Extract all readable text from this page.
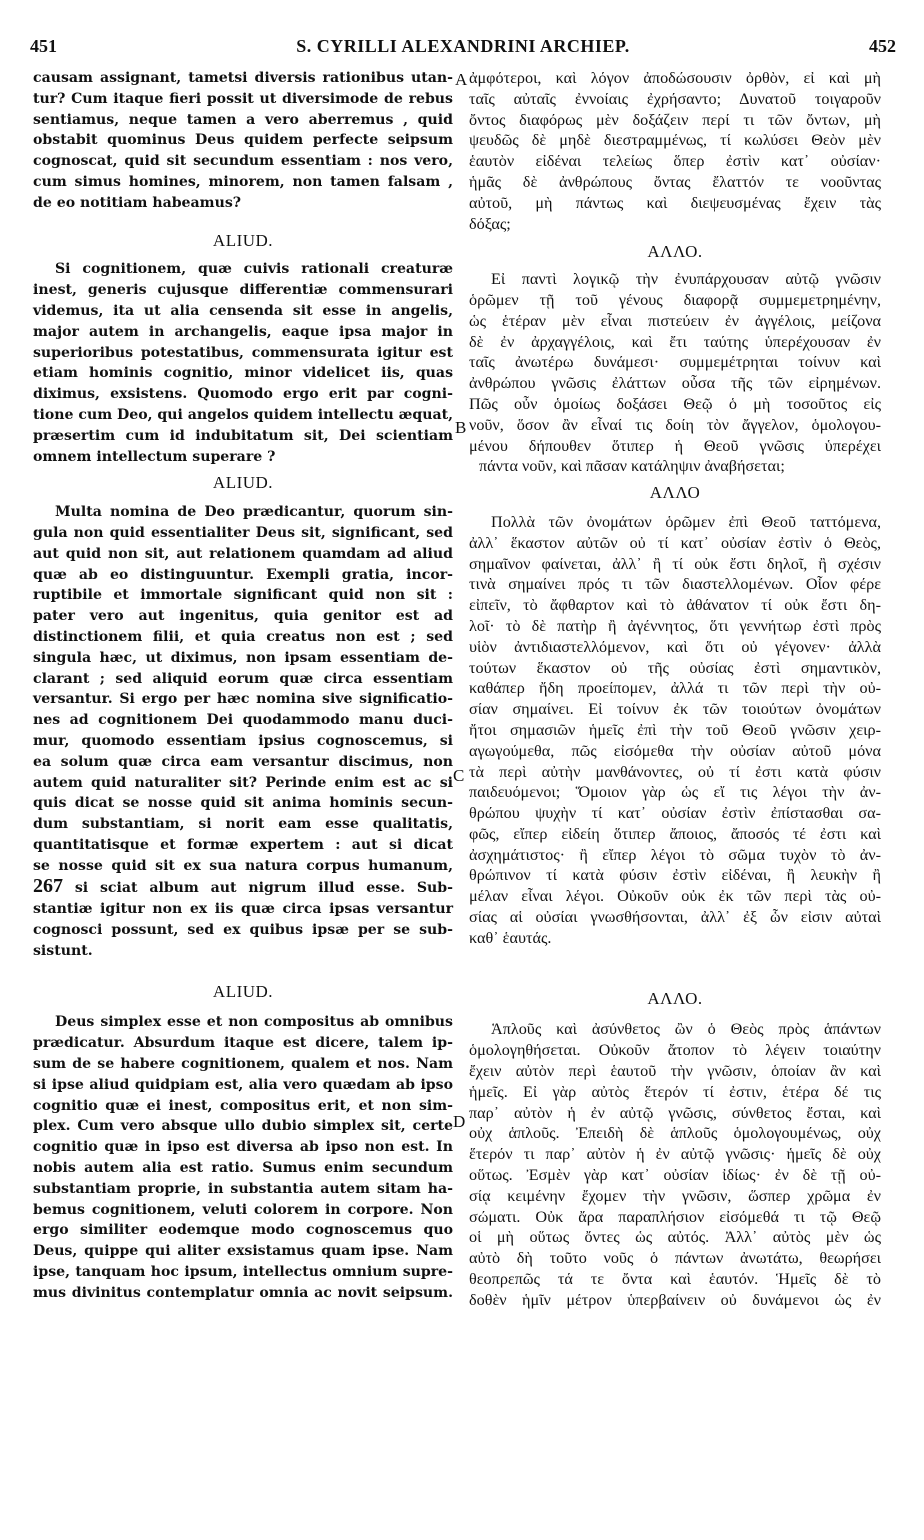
451	S. CYRILLI ALEXANDRINI ARCHIEP.	452
A
B
C
D
causam assignant, tametsi diversis rationibus utan-
tur? Cum itaque fieri possit ut diversimode de rebus
sentiamus, neque tamen a vero aberremus , quid
obstabit quominus Deus quidem perfecte seipsum
cognoscat, quid sit secundum essentiam : nos vero,
cum simus homines, minorem, non tamen falsam ,
de eo notitiam habeamus?
ALIUD.
Si cognitionem, quæ cuivis rationali creaturæ
inest, generis cujusque differentiæ commensurari
videmus, ita ut alia censenda sit esse in angelis,
major autem in archangelis, eaque ipsa major in
superioribus potestatibus, commensurata igitur est
etiam hominis cognitio, minor videlicet iis, quas
diximus, exsistens. Quomodo ergo erit par cogni-
tione cum Deo, qui angelos quidem intellectu æquat,
præsertim cum id indubitatum sit, Dei scientiam
omnem intellectum superare ?
ALIUD.
Multa nomina de Deo prædicantur, quorum sin-
gula non quid essentialiter Deus sit, significant, sed
aut quid non sit, aut relationem quamdam ad aliud
quæ ab eo distinguuntur. Exempli gratia, incor-
ruptibile et immortale significant quid non sit :
pater vero aut ingenitus, quia genitor est ad
distinctionem filii, et quia creatus non est ; sed
singula hæc, ut diximus, non ipsam essentiam de-
clarant ; sed aliquid eorum quæ circa essentiam
versantur. Si ergo per hæc nomina sive significatio-
nes ad cognitionem Dei quodammodo manu duci-
mur, quomodo essentiam ipsius cognoscemus, si
ea solum quæ circa eam versantur discimus, non
autem quid naturaliter sit? Perinde enim est ac si
quis dicat se nosse quid sit anima hominis secun-
dum substantiam, si norit eam esse qualitatis,
quantitatisque et formæ expertem : aut si dicat
se nosse quid sit ex sua natura corpus humanum,
267 si sciat album aut nigrum illud esse. Sub-
stantiæ igitur non ex iis quæ circa ipsas versantur
cognosci possunt, sed ex quibus ipsæ per se sub-
sistunt.
ALIUD.
Deus simplex esse et non compositus ab omnibus
prædicatur. Absurdum itaque est dicere, talem ip-
sum de se habere cognitionem, qualem et nos. Nam
si ipse aliud quidpiam est, alia vero quædam ab ipso
cognitio quæ ei inest, compositus erit, et non sim-
plex. Cum vero absque ullo dubio simplex sit, certe
cognitio quæ in ipso est diversa ab ipso non est. In
nobis autem alia est ratio. Sumus enim secundum
substantiam proprie, in substantia autem sitam ha-
bemus cognitionem, veluti colorem in corpore. Non
ergo similiter eodemque modo cognoscemus quo
Deus, quippe qui aliter exsistamus quam ipse. Nam
ipse, tanquam hoc ipsum, intellectus omnium supre-
mus divinitus contemplatur omnia ac novit seipsum.
ἀμφότεροι, καὶ λόγον ἀποδώσουσιν ὀρθὸν, εἰ καὶ μὴ
ταῖς αὐταῖς ἐννοίαις ἐχρήσαντο; Δυνατοῦ τοιγαροῦν
ὄντος διαφόρως μὲν δοξάζειν περί τι τῶν ὄντων, μὴ
ψευδῶς δὲ μηδὲ διεστραμμένως, τί κωλύσει Θεὸν μὲν
ἑαυτὸν εἰδέναι τελείως ὅπερ ἐστὶν κατ᾿ οὐσίαν·
ἡμᾶς δὲ ἀνθρώπους ὄντας ἔλαττόν τε νοοῦντας
αὐτοῦ, μὴ πάντως καὶ διεψευσμένας ἔχειν τὰς
δόξας;
ΑΛΛΟ.
Εἰ παντὶ λογικῷ τὴν ἐνυπάρχουσαν αὐτῷ γνῶσιν
ὁρῶμεν τῇ τοῦ γένους διαφορᾷ συμμεμετρημένην,
ὡς ἑτέραν μὲν εἶναι πιστεύειν ἐν ἀγγέλοις, μείζονα
δὲ ἐν ἀρχαγγέλοις, καὶ ἔτι ταύτης ὑπερέχουσαν ἐν
ταῖς ἀνωτέρω δυνάμεσι· συμμεμέτρηται τοίνυν καὶ
ἀνθρώπου γνῶσις ἐλάττων οὖσα τῆς τῶν εἰρημένων.
Πῶς οὖν ὁμοίως δοξάσει Θεῷ ὁ μὴ τοσοῦτος εἰς
νοῦν, ὅσον ἂν εἶναί τις δοίη τὸν ἄγγελον, ὁμολογου-
μένου δήπουθεν ὅτιπερ ἡ Θεοῦ γνῶσις ὑπερέχει
πάντα νοῦν, καὶ πᾶσαν κατάληψιν ἀναβήσεται;
ΑΛΛΟ
Πολλὰ τῶν ὀνομάτων ὁρῶμεν ἐπὶ Θεοῦ ταττόμενα,
ἀλλ᾿ ἕκαστον αὐτῶν οὐ τί κατ᾿ οὐσίαν ἐστὶν ὁ Θεὸς,
σημαῖνον φαίνεται, ἀλλ᾿ ἢ τί οὐκ ἔστι δηλοῖ, ἢ σχέσιν
τινὰ σημαίνει πρός τι τῶν διαστελλομένων. Οἷον φέρε
εἰπεῖν, τὸ ἄφθαρτον καὶ τὸ ἀθάνατον τί οὐκ ἔστι δη-
λοῖ· τὸ δὲ πατὴρ ἢ ἀγέννητος, ὅτι γεννήτωρ ἐστὶ πρὸς
υἱὸν ἀντιδιαστελλόμενον, καὶ ὅτι οὐ γέγονεν· ἀλλὰ
τούτων ἕκαστον οὐ τῆς οὐσίας ἐστὶ σημαντικὸν,
καθάπερ ἤδη προείπομεν, ἀλλά τι τῶν περὶ τὴν οὐ-
σίαν σημαίνει. Εἰ τοίνυν ἐκ τῶν τοιούτων ὀνομάτων
ἤτοι σημασιῶν ἡμεῖς ἐπὶ τὴν τοῦ Θεοῦ γνῶσιν χειρ-
αγωγούμεθα, πῶς εἰσόμεθα τὴν οὐσίαν αὐτοῦ μόνα
τὰ περὶ αὐτὴν μανθάνοντες, οὐ τί ἐστι κατὰ φύσιν
παιδευόμενοι; Ὅμοιον γὰρ ὡς εἴ τις λέγοι τὴν ἀν-
θρώπου ψυχὴν τί κατ᾿ οὐσίαν ἐστὶν ἐπίστασθαι σα-
φῶς, εἴπερ εἰδείη ὅτιπερ ἄποιος, ἄποσός τέ ἐστι καὶ
ἀσχημάτιστος· ἢ εἴπερ λέγοι τὸ σῶμα τυχὸν τὸ ἀν-
θρώπινον τί κατὰ φύσιν ἐστὶν εἰδέναι, ἢ λευκὴν ἢ
μέλαν εἶναι λέγοι. Οὐκοῦν οὐκ ἐκ τῶν περὶ τὰς οὐ-
σίας αἱ οὐσίαι γνωσθήσονται, ἀλλ᾿ ἐξ ὧν εἰσιν αὐταὶ
καθ᾿ ἑαυτάς.
ΑΛΛΟ.
Ἁπλοῦς καὶ ἀσύνθετος ὢν ὁ Θεὸς πρὸς ἁπάντων
ὁμολογηθήσεται. Οὐκοῦν ἄτοπον τὸ λέγειν τοιαύτην
ἔχειν αὐτὸν περὶ ἑαυτοῦ τὴν γνῶσιν, ὁποίαν ἂν καὶ
ἡμεῖς. Εἰ γὰρ αὐτὸς ἕτερόν τί ἐστιν, ἑτέρα δέ τις
παρ᾿ αὐτὸν ἡ ἐν αὐτῷ γνῶσις, σύνθετος ἔσται, καὶ
οὐχ ἁπλοῦς. Ἐπειδὴ δὲ ἁπλοῦς ὁμολογουμένως, οὐχ
ἕτερόν τι παρ᾿ αὐτὸν ἡ ἐν αὐτῷ γνῶσις· ἡμεῖς δὲ οὐχ
οὕτως. Ἐσμὲν γὰρ κατ᾿ οὐσίαν ἰδίως· ἐν δὲ τῇ οὐ-
σίᾳ κειμένην ἔχομεν τὴν γνῶσιν, ὥσπερ χρῶμα ἐν
σώματι. Οὐκ ἄρα παραπλήσιον εἰσόμεθά τι τῷ Θεῷ
οἱ μὴ οὕτως ὄντες ὡς αὐτός. Ἀλλ᾿ αὐτὸς μὲν ὡς
αὐτὸ δὴ τοῦτο νοῦς ὁ πάντων ἀνωτάτω, θεωρήσει
θεοπρεπῶς τά τε ὄντα καὶ ἑαυτόν. Ἡμεῖς δὲ τὸ
δοθὲν ἡμῖν μέτρον ὑπερβαίνειν οὐ δυνάμενοι ὡς ἐν
